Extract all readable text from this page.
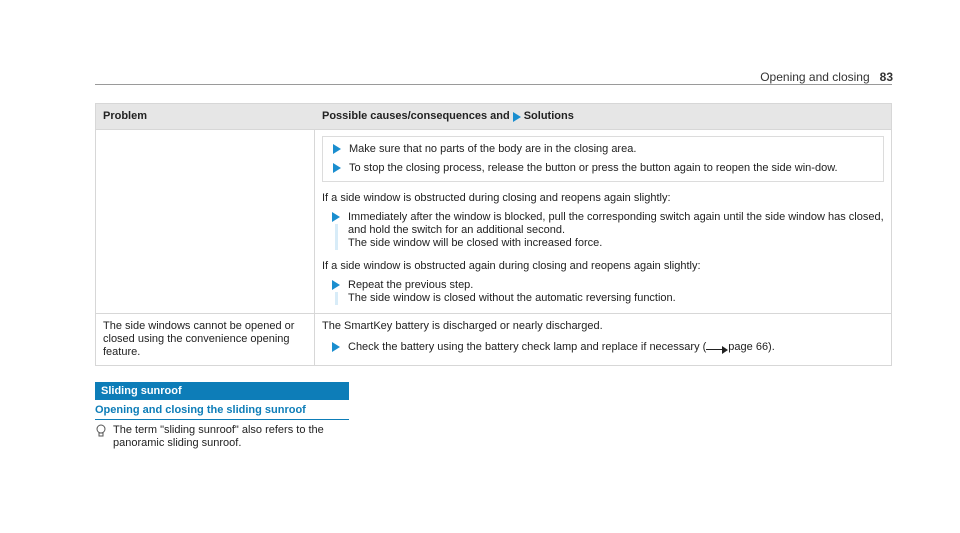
Opening and closing 83
Problem	Possible causes/consequences and Solutions
Make sure that no parts of the body are in the closing area.
To stop the closing process, release the button or press the button again to reopen the side win-dow.
If a side window is obstructed during closing and reopens again slightly:
Immediately after the window is blocked, pull the corresponding switch again until the side window has closed, and hold the switch for an additional second.
The side window will be closed with increased force.
If a side window is obstructed again during closing and reopens again slightly:
Repeat the previous step.
The side window is closed without the automatic reversing function.
The side windows cannot be opened or closed using the convenience opening feature.
The SmartKey battery is discharged or nearly discharged.
Check the battery using the battery check lamp and replace if necessary ( page 66).
Sliding sunroof
Opening and closing the sliding sunroof
The term "sliding sunroof" also refers to the panoramic sliding sunroof.
